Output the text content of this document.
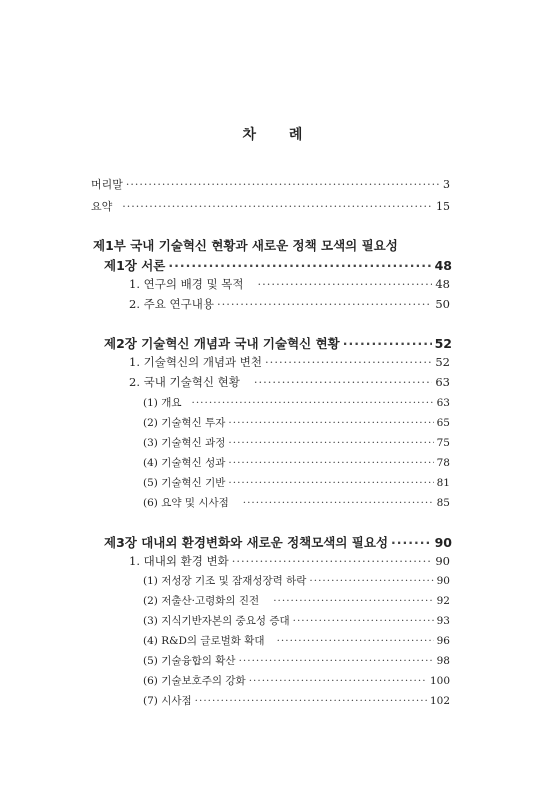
차 례
머리말 ·····	3
요약 ·····	15
제1부 국내 기술혁신 현황과 새로운 정책 모색의 필요성
제1장 서론 ·····	48
1. 연구의 배경 및 목적 ·····	48
2. 주요 연구내용 ·····	50
제2장 기술혁신 개념과 국내 기술혁신 현황 ·····	52
1. 기술혁신의 개념과 변천 ·····	52
2. 국내 기술혁신 현황 ·····	63
(1) 개요 ·····	63
(2) 기술혁신 투자 ·····	65
(3) 기술혁신 과정 ·····	75
(4) 기술혁신 성과 ·····	78
(5) 기술혁신 기반 ·····	81
(6) 요약 및 시사점 ·····	85
제3장 대내외 환경변화와 새로운 정책모색의 필요성 ·····	90
1. 대내외 환경 변화 ·····	90
(1) 저성장 기조 및 잠재성장력 하락 ·····	90
(2) 저출산·고령화의 진전 ·····	92
(3) 지식기반자본의 중요성 증대 ·····	93
(4) R&D의 글로벌화 확대 ·····	96
(5) 기술융합의 확산 ·····	98
(6) 기술보호주의 강화 ·····	100
(7) 시사점 ·····	102
